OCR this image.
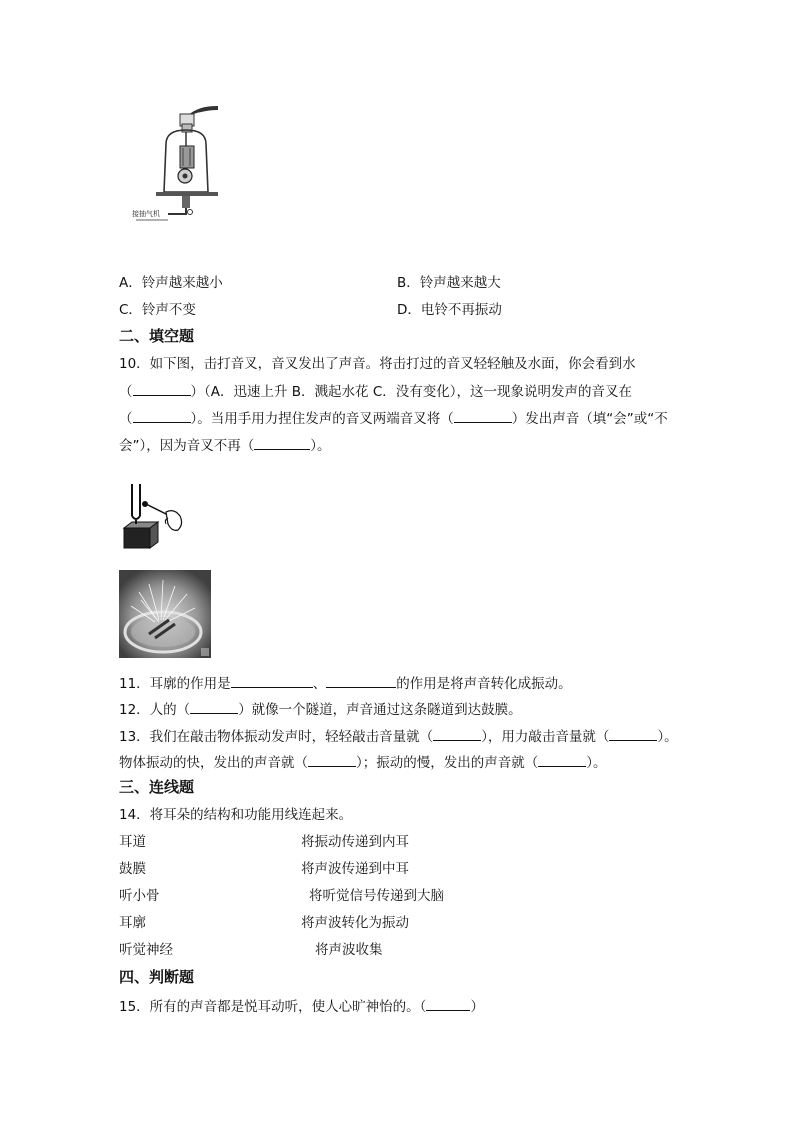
接抽气机
A．铃声越来越小	B．铃声越来越大
C．铃声不变	D．电铃不再振动
二、填空题
10．如下图，击打音叉，音叉发出了声音。将击打过的音叉轻轻触及水面，你会看到水
（	）（A．迅速上升 B．溅起水花 C．没有变化），这一现象说明发声的音叉在
（	）。当用手用力捏住发声的音叉两端音叉将（	）发出声音（填“会”或“不
会”），因为音叉不再（	）。
11．耳廓的作用是	、	的作用是将声音转化成振动。
12．人的（	）就像一个隧道，声音通过这条隧道到达鼓膜。
13．我们在敲击物体振动发声时，轻轻敲击音量就（	），用力敲击音量就（	）。
物体振动的快，发出的声音就（	）；振动的慢，发出的声音就（	）。
三、连线题
14．将耳朵的结构和功能用线连起来。
耳道	将振动传递到内耳
鼓膜	将声波传递到中耳
听小骨	将听觉信号传递到大脑
耳廓	将声波转化为振动
听觉神经	将声波收集
四、判断题
15．所有的声音都是悦耳动听，使人心旷神怡的。（	）
